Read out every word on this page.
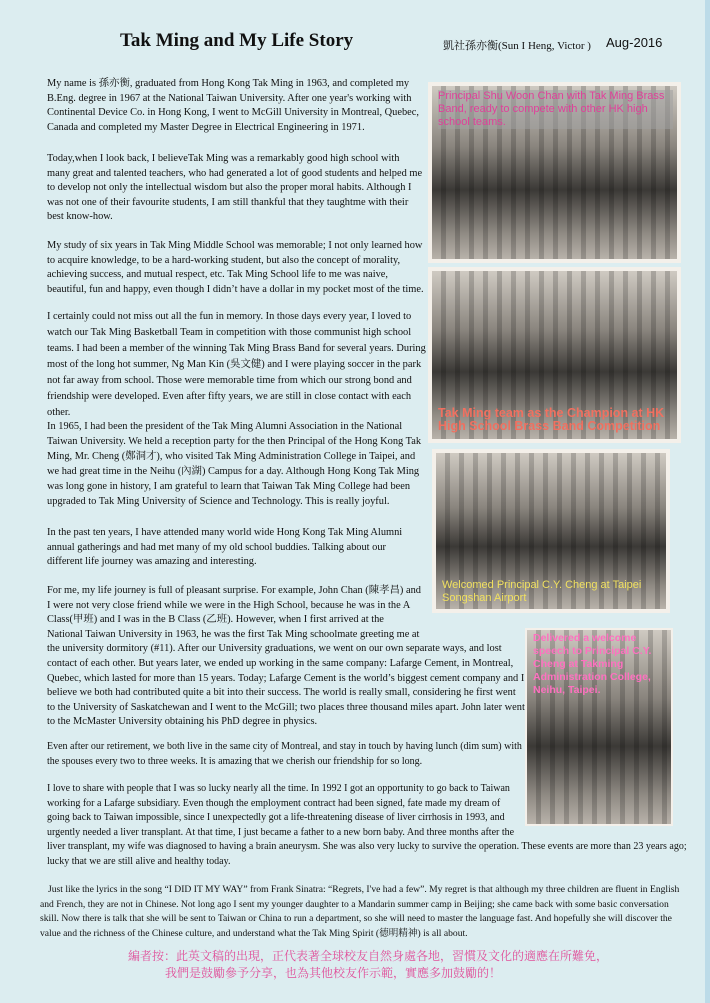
Tak Ming and My Life Story	凱社孫亦衡(Sun I Heng, Victor ) Aug-2016

My name is 孫亦衡, graduated from Hong Kong Tak Ming in 1963, and completed my B.Eng. degree in 1967 at the National Taiwan University. After one year's working with Continental Device Co. in Hong Kong, I went to McGill University in Montreal, Quebec, Canada and completed my Master Degree in Electrical Engineering in 1971.

Today,when I look back, I believeTak Ming was a remarkably good high school with many great and talented teachers, who had generated a lot of good students and helped me to develop not only the intellectual wisdom but also the proper moral habits. Although I was not one of their favourite students, I am still thankful that they taughtme with their best know-how.

My study of six years in Tak Ming Middle School was memorable; I not only learned how to acquire knowledge, to be a hard-working student, but also the concept of morality, achieving success, and mutual respect, etc. Tak Ming School life to me was naive, beautiful, fun and happy, even though I didn’t have a dollar in my pocket most of the time.

I certainly could not miss out all the fun in memory. In those days every year, I loved to watch our Tak Ming Basketball Team in competition with those communist high school teams. I had been a member of the winning Tak Ming Brass Band for several years. During most of the long hot summer, Ng Man Kin (吳文健) and I were playing soccer in the park not far away from school. Those were memorable time from which our strong bond and friendship were developed. Even after fifty years, we are still in close contact with each other.

In 1965, I had been the president of the Tak Ming Alumni Association in the National Taiwan University. We held a reception party for the then Principal of the Hong Kong Tak Ming, Mr. Cheng (鄭洞才), who visited Tak Ming Administration College in Taipei, and we had great time in the Neihu (內湖) Campus for a day. Although Hong Kong Tak Ming was long gone in history, I am grateful to learn that Taiwan Tak Ming College had been upgraded to Tak Ming University of Science and Technology. This is really joyful.

In the past ten years, I have attended many world wide Hong Kong Tak Ming Alumni annual gatherings and had met many of my old school buddies. Talking about our different life journey was amazing and interesting.

For me, my life journey is full of pleasant surprise. For example, John Chan (陳孝昌) and I were not very close friend while we were in the High School, because he was in the A Class(甲班) and I was in the B Class (乙班). However, when I first arrived at the National Taiwan University in 1963, he was the first Tak Ming schoolmate greeting me at the university dormitory (#11). After our University graduations, we went on our own separate ways, and lost contact of each other. But years later, we ended up working in the same company: Lafarge Cement, in Montreal, Quebec, which lasted for more than 15 years. Today; Lafarge Cement is the world’s biggest cement company and I believe we both had contributed quite a bit into their success. The world is really small, considering he first went to the University of Saskatchewan and I went to the McGill; two places three thousand miles apart. John later went to the McMaster University obtaining his PhD degree in physics.

Even after our retirement, we both live in the same city of Montreal, and stay in touch by having lunch (dim sum) with the spouses every two to three weeks. It is amazing that we cherish our friendship for so long.

I love to share with people that I was so lucky nearly all the time. In 1992 I got an opportunity to go back to Taiwan working for a Lafarge subsidiary. Even though the employment contract had been signed, fate made my dream of going back to Taiwan impossible, since I unexpectedly got a life-threatening disease of liver cirrhosis in 1993, and urgently needed a liver transplant. At that time, I just became a father to a new born baby. And three months after the liver transplant, my wife was diagnosed to having a brain aneurysm. She was also very lucky to survive the operation. These events are more than 23 years ago; lucky that we are still alive and healthy today.

Just like the lyrics in the song “I DID IT MY WAY” from Frank Sinatra: “Regrets, I've had a few”. My regret is that although my three children are fluent in English and French, they are not in Chinese. Not long ago I sent my younger daughter to a Mandarin summer camp in Beijing; she came back with some basic conversation skill. Now there is talk that she will be sent to Taiwan or China to run a department, so she will need to master the language fast. And hopefully she will discover the value and the richness of the Chinese culture, and understand what the Tak Ming Spirit (德明精神) is all about.

Principal Shu Woon Chan with Tak Ming Brass Band, ready to compete with other HK high school teams.
Tak Ming team as the Champion at HK High School Brass Band Competition
Welcomed Principal C.Y. Cheng at Taipei Songshan Airport
Delivered a welcome speech to Principal C.Y. Cheng at Takming Administration College, Neihu, Taipei.
編者按：此英文稿的出現，正代表著全球校友自然身處各地，習慣及文化的適應在所難免，
我們是鼓勵參予分享，也為其他校友作示範，實應多加鼓勵的！
